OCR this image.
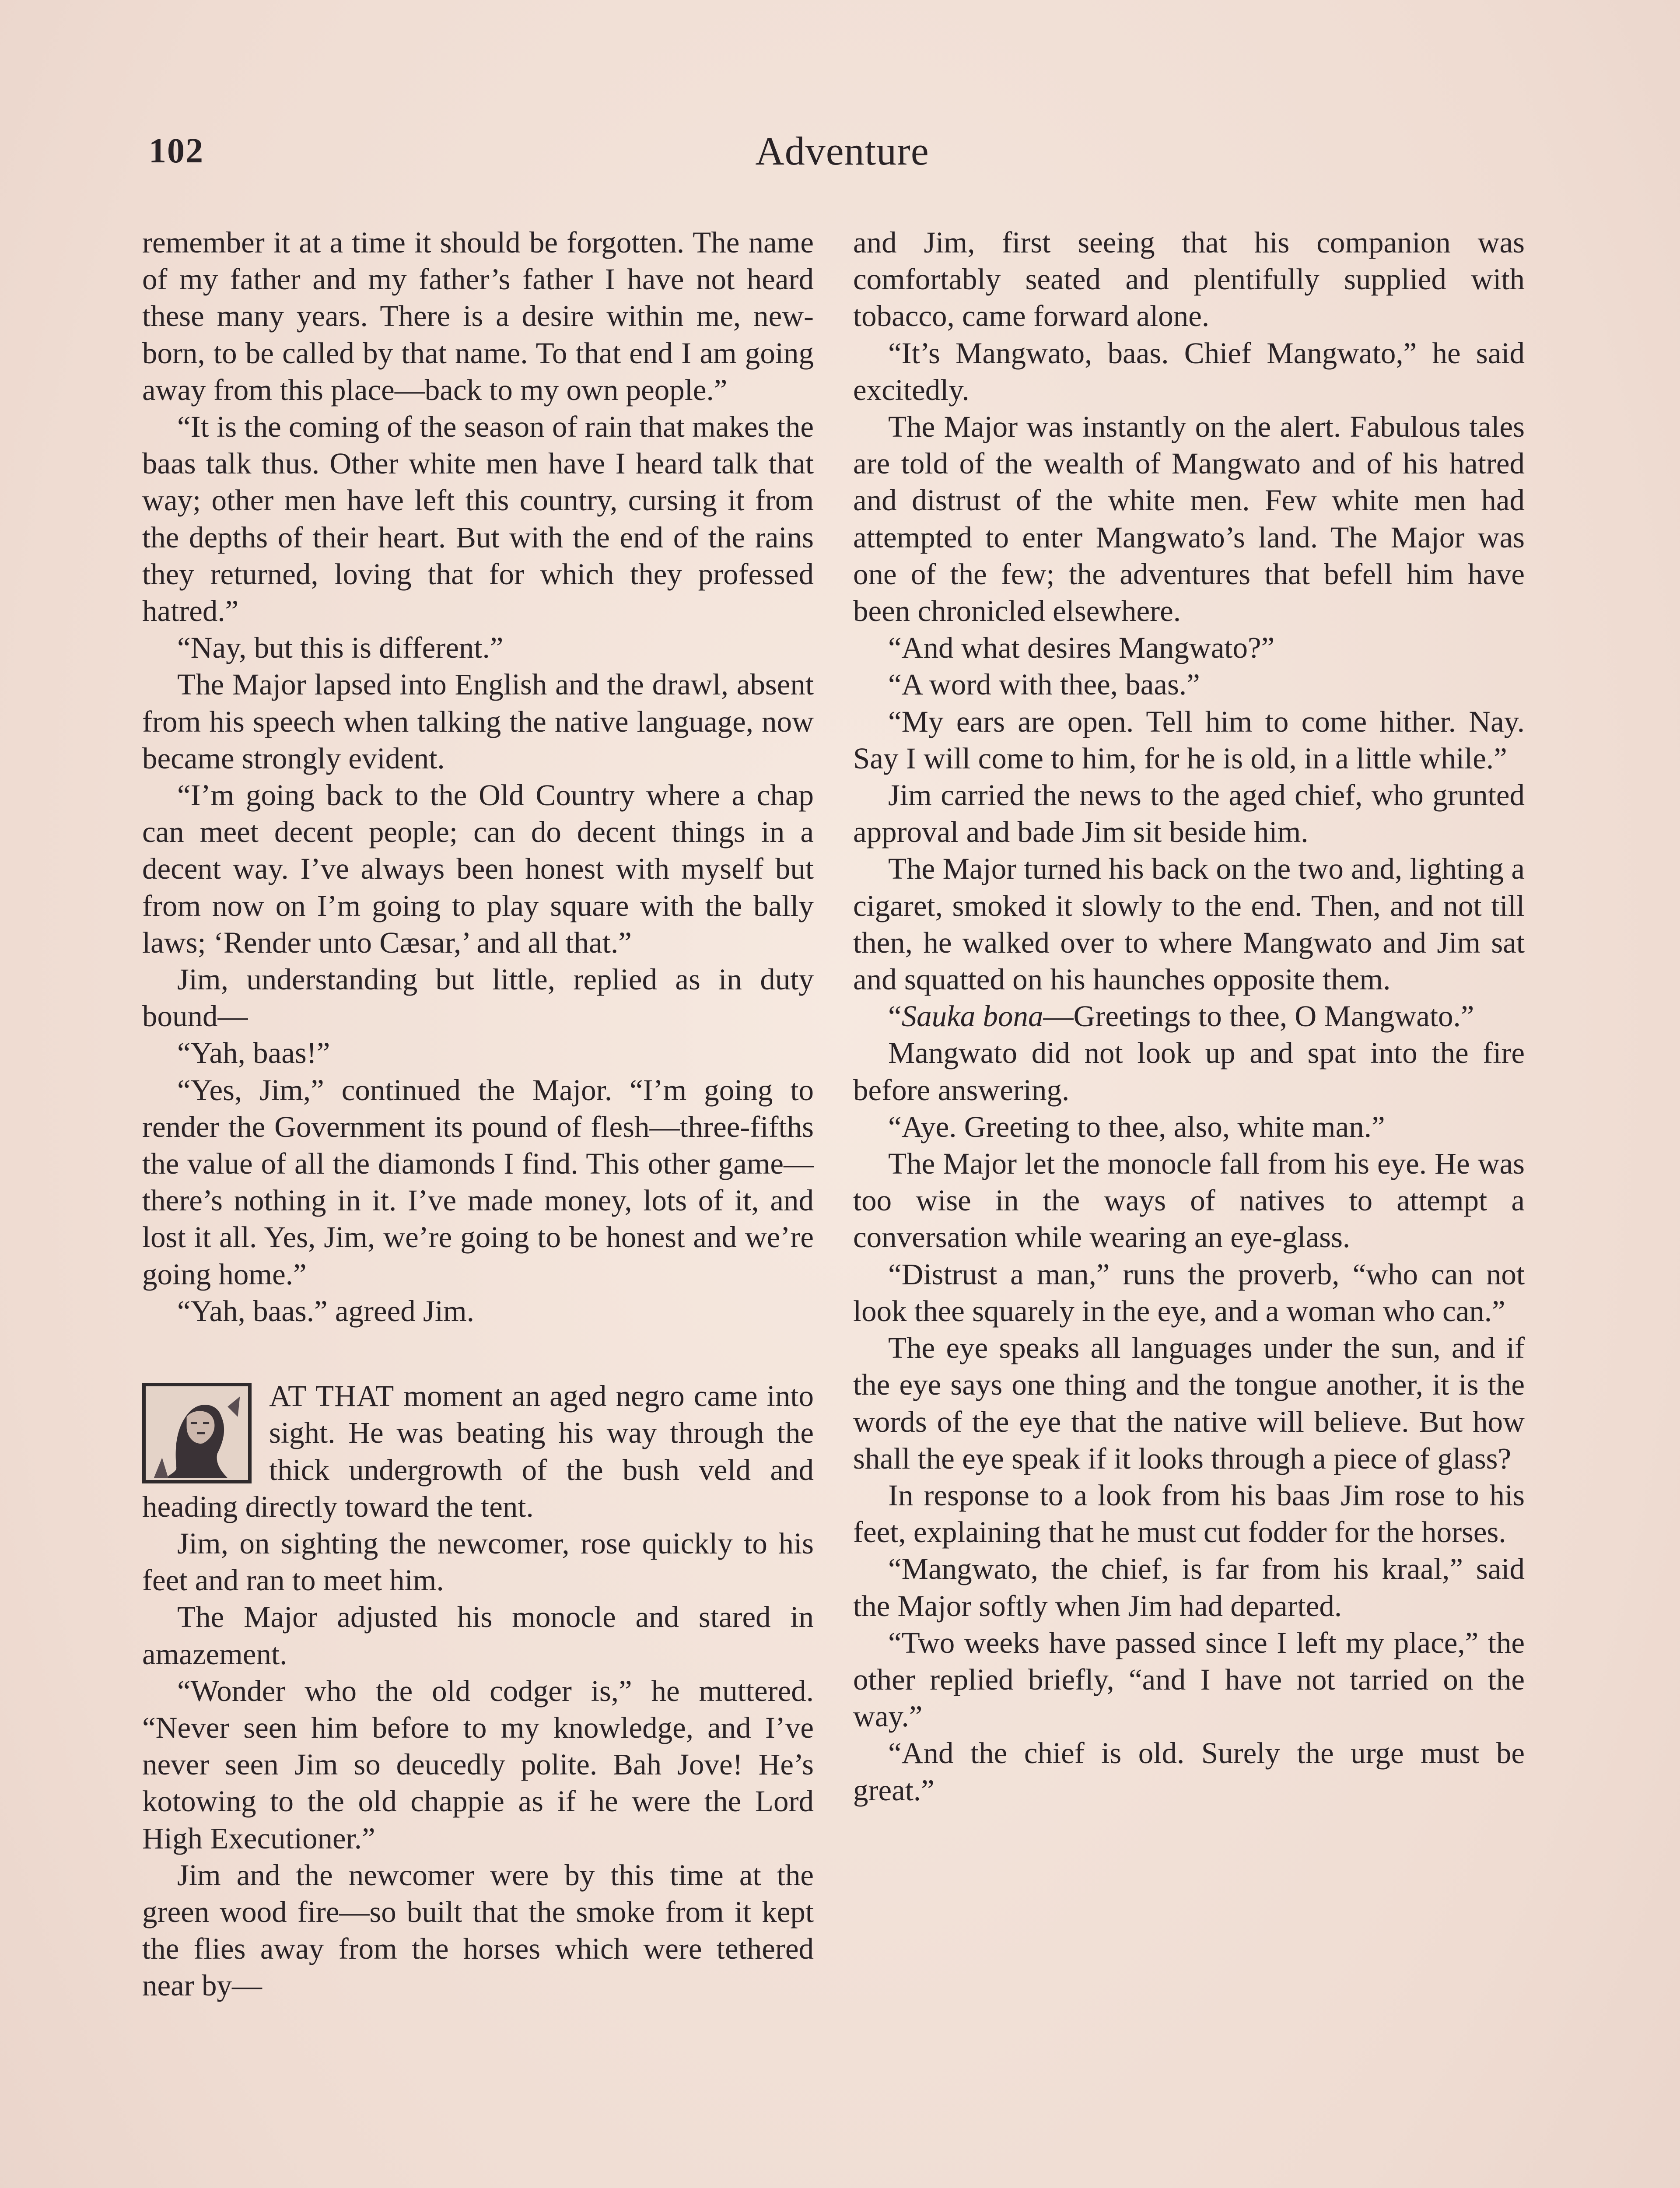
102	Adventure

remember it at a time it should be forgotten. The name of my father and my father’s father I have not heard these many years. There is a desire within me, new-born, to be called by that name. To that end I am going away from this place—back to my own people.”

“It is the coming of the season of rain that makes the baas talk thus. Other white men have I heard talk that way; other men have left this country, cursing it from the depths of their heart. But with the end of the rains they returned, loving that for which they professed hatred.”

“Nay, but this is different.”

The Major lapsed into English and the drawl, absent from his speech when talking the native language, now became strongly evident.

“I’m going back to the Old Country where a chap can meet decent people; can do decent things in a decent way. I’ve always been honest with myself but from now on I’m going to play square with the bally laws; ‘Render unto Cæsar,’ and all that.”

Jim, understanding but little, replied as in duty bound—

“Yah, baas!”

“Yes, Jim,” continued the Major. “I’m going to render the Government its pound of flesh—three-fifths the value of all the diamonds I find. This other game—there’s nothing in it. I’ve made money, lots of it, and lost it all. Yes, Jim, we’re going to be honest and we’re going home.”

“Yah, baas.” agreed Jim.

AT THAT moment an aged negro came into sight. He was beating his way through the thick undergrowth of the bush veld and heading directly toward the tent.

Jim, on sighting the newcomer, rose quickly to his feet and ran to meet him.

The Major adjusted his monocle and stared in amazement.

“Wonder who the old codger is,” he muttered. “Never seen him before to my knowledge, and I’ve never seen Jim so deucedly polite. Bah Jove! He’s kotowing to the old chappie as if he were the Lord High Executioner.”

Jim and the newcomer were by this time at the green wood fire—so built that the smoke from it kept the flies away from the horses which were tethered near by—

and Jim, first seeing that his companion was comfortably seated and plentifully supplied with tobacco, came forward alone.

“It’s Mangwato, baas. Chief Mangwato,” he said excitedly.

The Major was instantly on the alert. Fabulous tales are told of the wealth of Mangwato and of his hatred and distrust of the white men. Few white men had attempted to enter Mangwato’s land. The Major was one of the few; the adventures that befell him have been chronicled elsewhere.

“And what desires Mangwato?”

“A word with thee, baas.”

“My ears are open. Tell him to come hither. Nay. Say I will come to him, for he is old, in a little while.”

Jim carried the news to the aged chief, who grunted approval and bade Jim sit beside him.

The Major turned his back on the two and, lighting a cigaret, smoked it slowly to the end. Then, and not till then, he walked over to where Mangwato and Jim sat and squatted on his haunches opposite them.

“Sauka bona—Greetings to thee, O Mangwato.”

Mangwato did not look up and spat into the fire before answering.

“Aye. Greeting to thee, also, white man.”

The Major let the monocle fall from his eye. He was too wise in the ways of natives to attempt a conversation while wearing an eye-glass.

“Distrust a man,” runs the proverb, “who can not look thee squarely in the eye, and a woman who can.”

The eye speaks all languages under the sun, and if the eye says one thing and the tongue another, it is the words of the eye that the native will believe. But how shall the eye speak if it looks through a piece of glass?

In response to a look from his baas Jim rose to his feet, explaining that he must cut fodder for the horses.

“Mangwato, the chief, is far from his kraal,” said the Major softly when Jim had departed.

“Two weeks have passed since I left my place,” the other replied briefly, “and I have not tarried on the way.”

“And the chief is old. Surely the urge must be great.”
